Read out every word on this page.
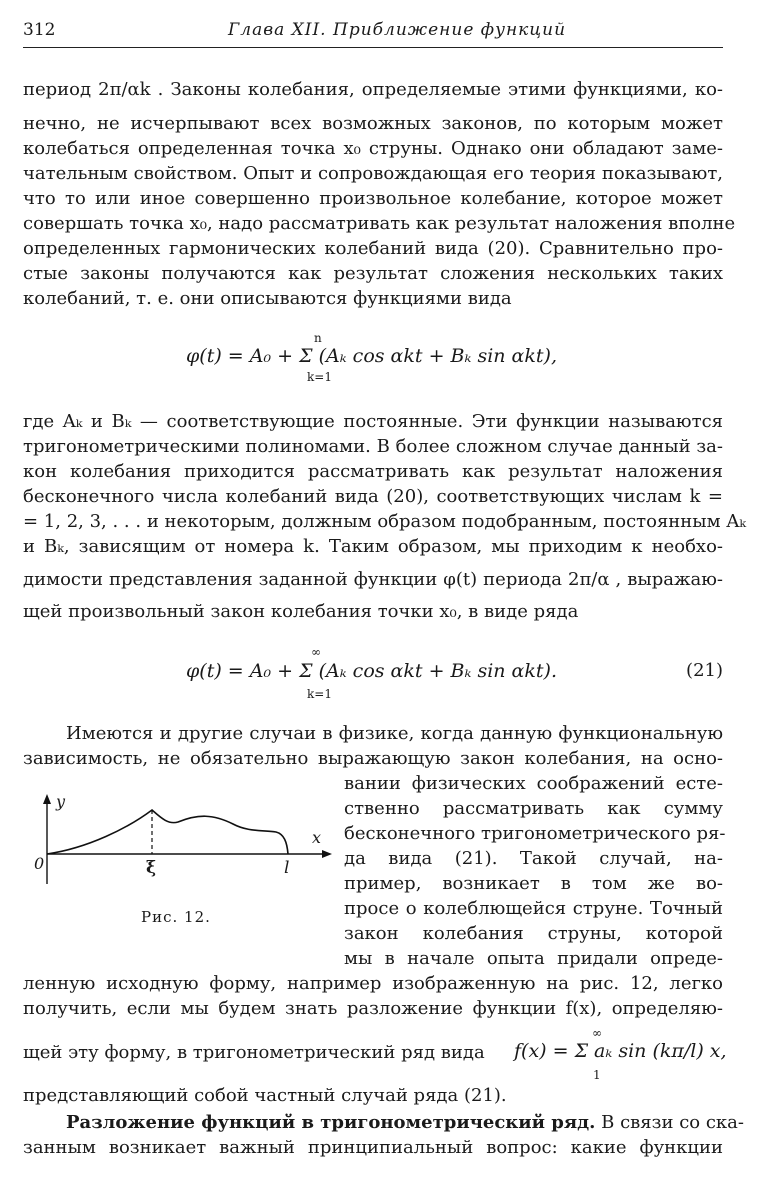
312	Глава XII. Приближение функций
период 2π/αk . Законы колебания, определяемые этими функциями, ко-
нечно, не исчерпывают всех возможных законов, по которым может
колебаться определенная точка x₀ струны. Однако они обладают заме-
чательным свойством. Опыт и сопровождающая его теория показывают,
что то или иное совершенно произвольное колебание, которое может
совершать точка x₀, надо рассматривать как результат наложения вполне
определенных гармонических колебаний вида (20). Сравнительно про-
стые законы получаются как результат сложения нескольких таких
колебаний, т. е. они описываются функциями вида
n
φ(t) = A₀ + Σ (Aₖ cos αkt + Bₖ sin αkt),
k=1
где Aₖ и Bₖ — соответствующие постоянные. Эти функции называются
тригонометрическими полиномами. В более сложном случае данный за-
кон колебания приходится рассматривать как результат наложения
бесконечного числа колебаний вида (20), соответствующих числам k =
= 1, 2, 3, . . . и некоторым, должным образом подобранным, постоянным Aₖ
и Bₖ, зависящим от номера k. Таким образом, мы приходим к необхо-
димости представления заданной функции φ(t) периода 2π/α , выражаю-
щей произвольный закон колебания точки x₀, в виде ряда
∞
φ(t) = A₀ + Σ (Aₖ cos αkt + Bₖ sin αkt).
k=1
(21)
Имеются и другие случаи в физике, когда данную функциональную
зависимость, не обязательно выражающую закон колебания, на осно-
вании физических соображений есте-
ственно рассматривать как сумму
бесконечного тригонометрического ря-
да вида (21). Такой случай, на-
пример, возникает в том же во-
просе о колеблющейся струне. Точный
закон колебания струны, которой
мы в начале опыта придали опреде-
ленную исходную форму, например изображенную на рис. 12, легко
получить, если мы будем знать разложение функции f(x), определяю-
щей эту форму, в тригонометрический ряд вида
∞
f(x) = Σ aₖ sin (kπ/l) x,
1
представляющий собой частный случай ряда (21).
y
x
0	ξ	l
Рис. 12.
Разложение функций в тригонометрический ряд. В связи со ска-
занным возникает важный принципиальный вопрос: какие функции
